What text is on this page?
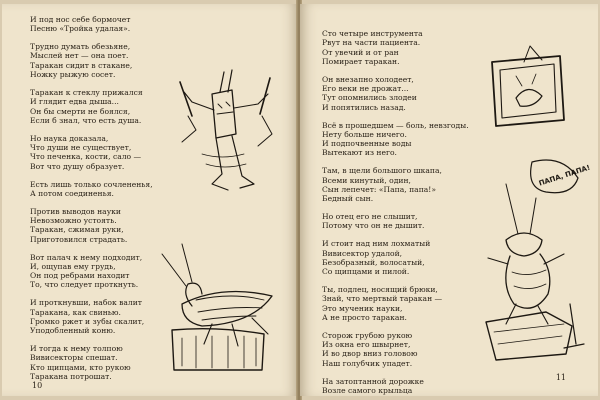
И под нос себе бормочет
Песню «Тройка удалая».
Трудно думать обезьяне,
Мыслей нет — она поет.
Таракан сидит в стакане,
Ножку рыжую сосет.
Таракан к стеклу прижался
И глядит едва дыша...
Он бы смерти не боялся,
Если б знал, что есть душа.
Но наука доказала,
Что души не существует,
Что печенка, кости, сало —
Вот что душу образует.
Есть лишь только сочлененья,
А потом соединенья.
Против выводов науки
Невозможно устоять.
Таракан, сжимая руки,
Приготовился страдать.
Вот палач к нему подходит,
И, ощупав ему грудь,
Он под ребрами находит
То, что следует проткнуть.
И проткнувши, набок валит
Таракана, как свинью.
Громко ржет и зубы скалит,
Уподобленный коню.
И тогда к нему толпою
Вивисекторы спешат.
Кто щипцами, кто рукою
Таракана потрошат.
10
Сто четыре инструмента
Рвут на части пациента.
От увечий и от ран
Помирает таракан.
Он внезапно холодеет,
Его веки не дрожат...
Тут опомнились злодеи
И попятились назад.
Всё в прошедшем — боль, невзгоды.
Нету больше ничего.
И подпочвенные воды
Вытекают из него.
Там, в щели большого шкапа,
Всеми кинутый, один,
Сын лепечет: «Папа, папа!»
Бедный сын.
Но отец его не слышит,
Потому что он не дышит.
И стоит над ним лохматый
Вивисектор удалой,
Безобразный, волосатый,
Со щипцами и пилой.
Ты, подлец, носящий брюки,
Знай, что мертвый таракан —
Это мученик науки,
А не просто таракан.
Сторож грубою рукою
Из окна его швырнет,
И во двор вниз головою
Наш голубчик упадет.
На затоптанной дорожке
Возле самого крыльца
ПАПА, ПАПА!
11
